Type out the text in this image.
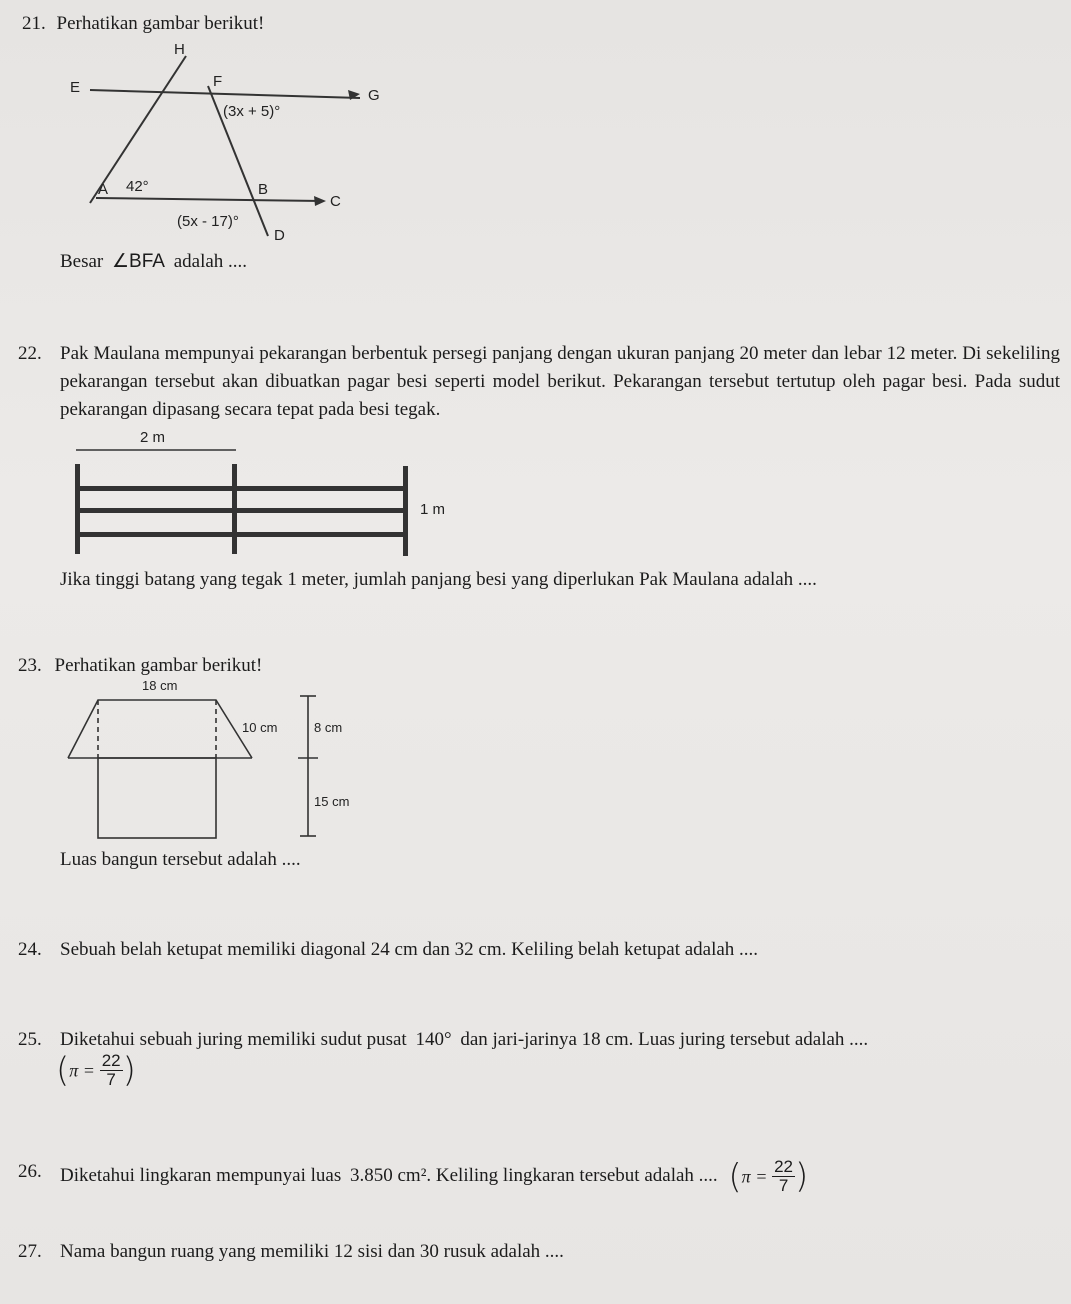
21. Perhatikan gambar berikut!
H
E	F
G
(3x + 5)°
A 42°	B
C
(5x - 17)°
D
Besar ∠BFA adalah ....
22. Pak Maulana mempunyai pekarangan berbentuk persegi panjang dengan ukuran panjang 20 meter dan lebar 12 meter. Di sekeliling pekarangan tersebut akan dibuatkan pagar besi seperti model berikut. Pekarangan tersebut tertutup oleh pagar besi. Pada sudut pekarangan dipasang secara tepat pada besi tegak.
2 m
1 m
Jika tinggi batang yang tegak 1 meter, jumlah panjang besi yang diperlukan Pak Maulana adalah ....
23. Perhatikan gambar berikut!
18 cm
10 cm	8 cm
15 cm
Luas bangun tersebut adalah ....
24. Sebuah belah ketupat memiliki diagonal 24 cm dan 32 cm. Keliling belah ketupat adalah ....
25. Diketahui sebuah juring memiliki sudut pusat 140° dan jari-jarinya 18 cm. Luas juring tersebut adalah ....
($\pi = \frac{22}{7}$ )
26. Diketahui lingkaran mempunyai luas 3.850 cm². Keliling lingkaran tersebut adalah .... ($\pi = \frac{22}{7}$ )
27. Nama bangun ruang yang memiliki 12 sisi dan 30 rusuk adalah ....
